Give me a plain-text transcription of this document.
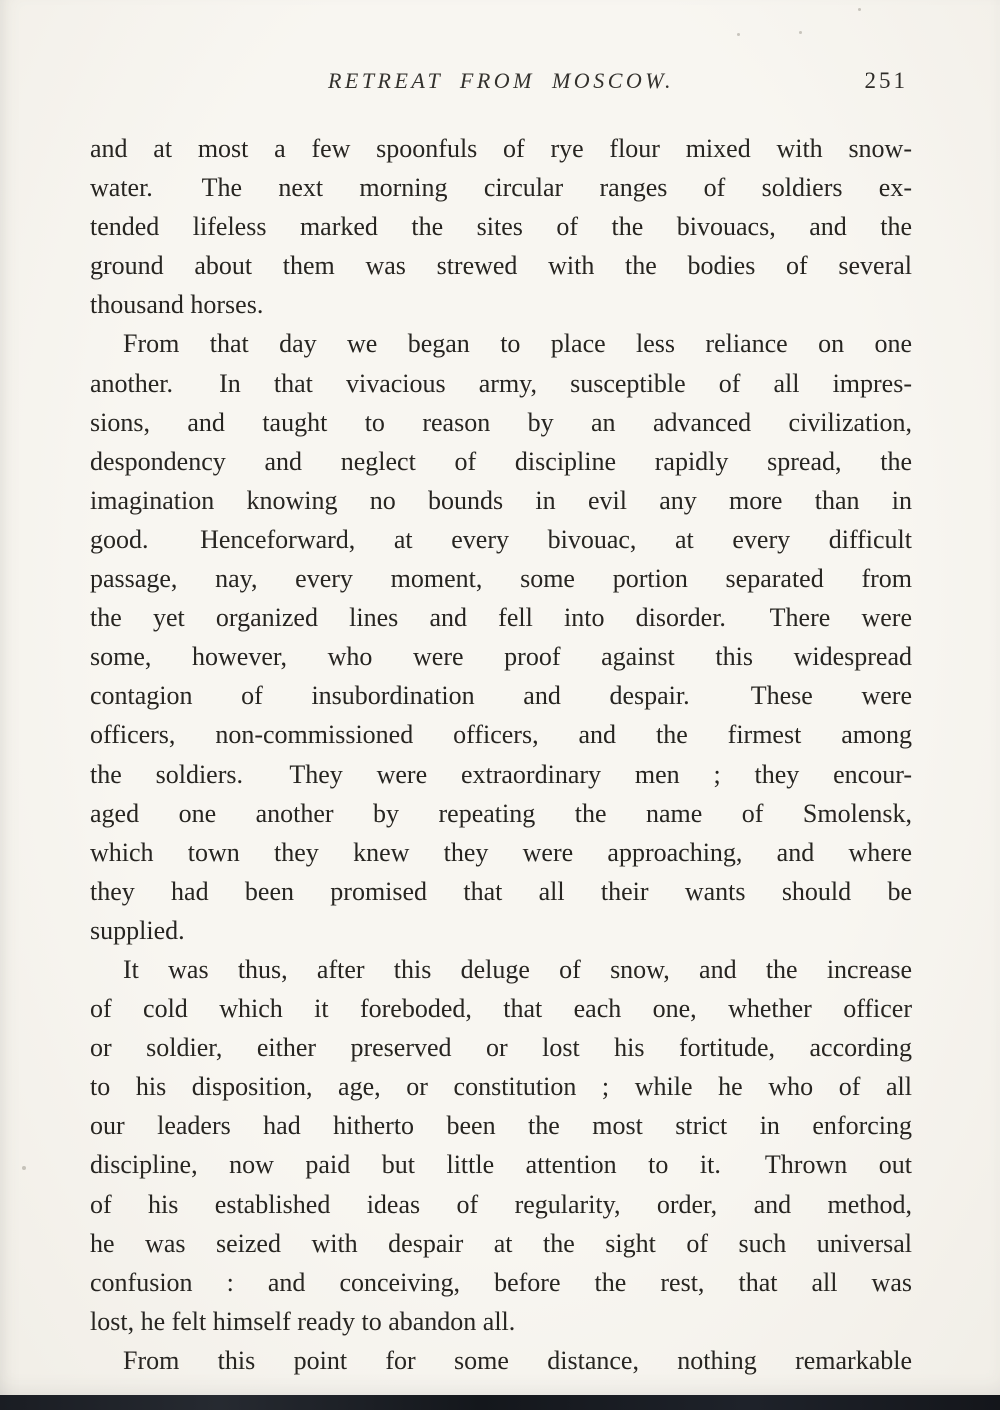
RETREAT FROM MOSCOW.	251
and at most a few spoonfuls of rye flour mixed with snow-
water.  The next morning circular ranges of soldiers ex-
tended lifeless marked the sites of the bivouacs, and the
ground about them was strewed with the bodies of several
thousand horses.
From that day we began to place less reliance on one
another.  In that vivacious army, susceptible of all impres-
sions, and taught to reason by an advanced civilization,
despondency and neglect of discipline rapidly spread, the
imagination knowing no bounds in evil any more than in
good.  Henceforward, at every bivouac, at every difficult
passage, nay, every moment, some portion separated from
the yet organized lines and fell into disorder.  There were
some, however, who were proof against this widespread
contagion of insubordination and despair.  These were
officers, non-commissioned officers, and the firmest among
the soldiers.  They were extraordinary men ; they encour-
aged one another by repeating the name of Smolensk,
which town they knew they were approaching, and where
they had been promised that all their wants should be
supplied.
It was thus, after this deluge of snow, and the increase
of cold which it foreboded, that each one, whether officer
or soldier, either preserved or lost his fortitude, according
to his disposition, age, or constitution ; while he who of all
our leaders had hitherto been the most strict in enforcing
discipline, now paid but little attention to it.  Thrown out
of his established ideas of regularity, order, and method,
he was seized with despair at the sight of such universal
confusion : and conceiving, before the rest, that all was
lost, he felt himself ready to abandon all.
From this point for some distance, nothing remarkable
